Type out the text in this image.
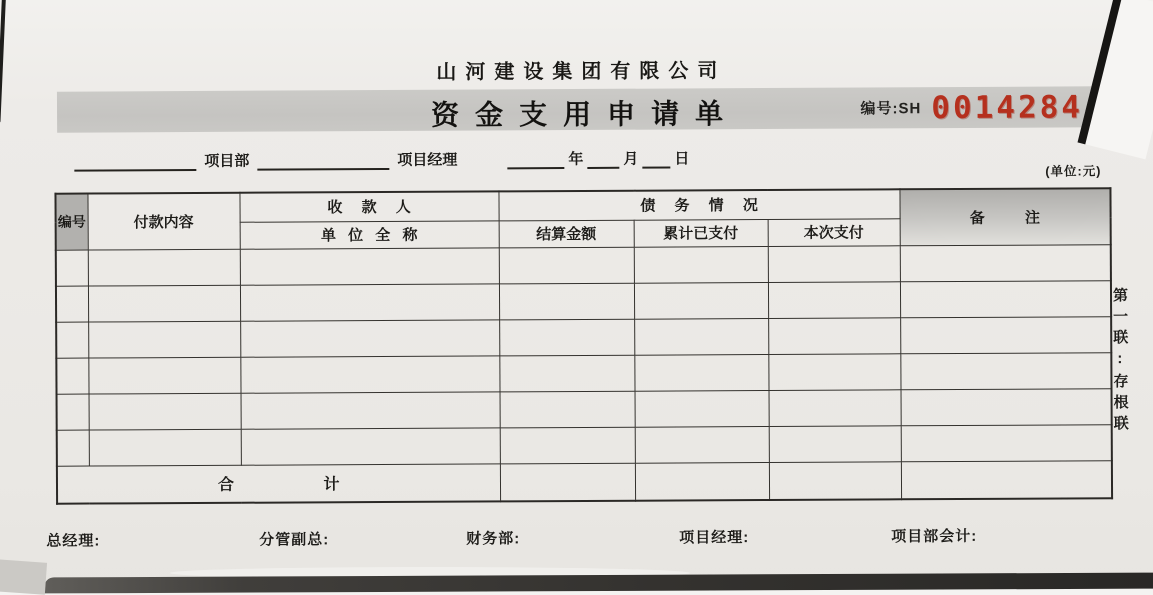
山河建设集团有限公司
资金支用申请单	编号:SH 0014284
项目部	项目经理	年	月 日
(单位:元)
编号	付款内容	收 款 人	债 务 情 况			备 注
		单 位 全 称	结算金额	累计已支付	本次支付	

合 计						
第一联:存根联
总经理:	分管副总:	财务部:	项目经理:	项目部会计:
